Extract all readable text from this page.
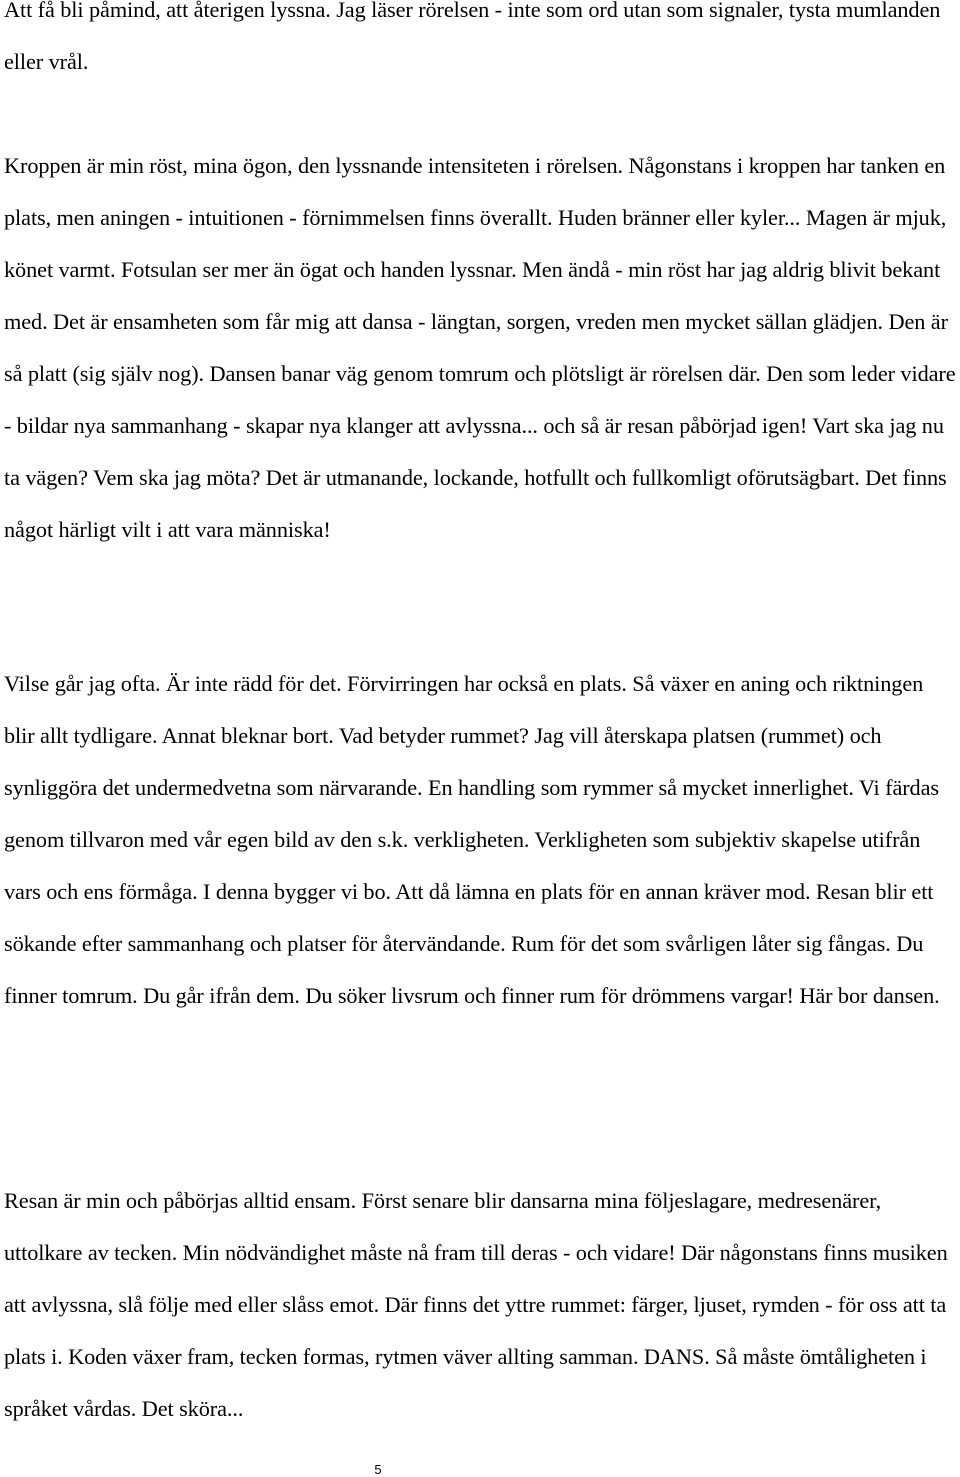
Att få bli påmind, att återigen lyssna. Jag läser rörelsen - inte som ord utan som signaler, tysta mumlanden eller vrål.

Kroppen är min röst, mina ögon, den lyssnande intensiteten i rörelsen. Någonstans i kroppen har tanken en plats, men aningen - intuitionen - förnimmelsen finns överallt. Huden bränner eller kyler... Magen är mjuk, könet varmt. Fotsulan ser mer än ögat och handen lyssnar. Men ändå - min röst har jag aldrig blivit bekant med. Det är ensamheten som får mig att dansa - längtan, sorgen, vreden men mycket sällan glädjen. Den är så platt (sig själv nog). Dansen banar väg genom tomrum och plötsligt är rörelsen där. Den som leder vidare - bildar nya sammanhang - skapar nya klanger att avlyssna... och så är resan påbörjad igen! Vart ska jag nu ta vägen? Vem ska jag möta? Det är utmanande, lockande, hotfullt och fullkomligt oförutsägbart. Det finns något härligt vilt i att vara människa!

Vilse går jag ofta. Är inte rädd för det. Förvirringen har också en plats. Så växer en aning och riktningen blir allt tydligare. Annat bleknar bort. Vad betyder rummet? Jag vill återskapa platsen (rummet) och synliggöra det undermedvetna som närvarande. En handling som rymmer så mycket innerlighet. Vi färdas genom tillvaron med vår egen bild av den s.k. verkligheten. Verkligheten som subjektiv skapelse utifrån vars och ens förmåga. I denna bygger vi bo. Att då lämna en plats för en annan kräver mod. Resan blir ett sökande efter sammanhang och platser för återvändande. Rum för det som svårligen låter sig fångas. Du finner tomrum. Du går ifrån dem. Du söker livsrum och finner rum för drömmens vargar! Här bor dansen.

Resan är min och påbörjas alltid ensam. Först senare blir dansarna mina följeslagare, medresenärer, uttolkare av tecken. Min nödvändighet måste nå fram till deras - och vidare! Där någonstans finns musiken att avlyssna, slå följe med eller slåss emot. Där finns det yttre rummet: färger, ljuset, rymden - för oss att ta plats i. Koden växer fram, tecken formas, rytmen väver allting samman. DANS. Så måste ömtåligheten i språket vårdas. Det sköra...

5
